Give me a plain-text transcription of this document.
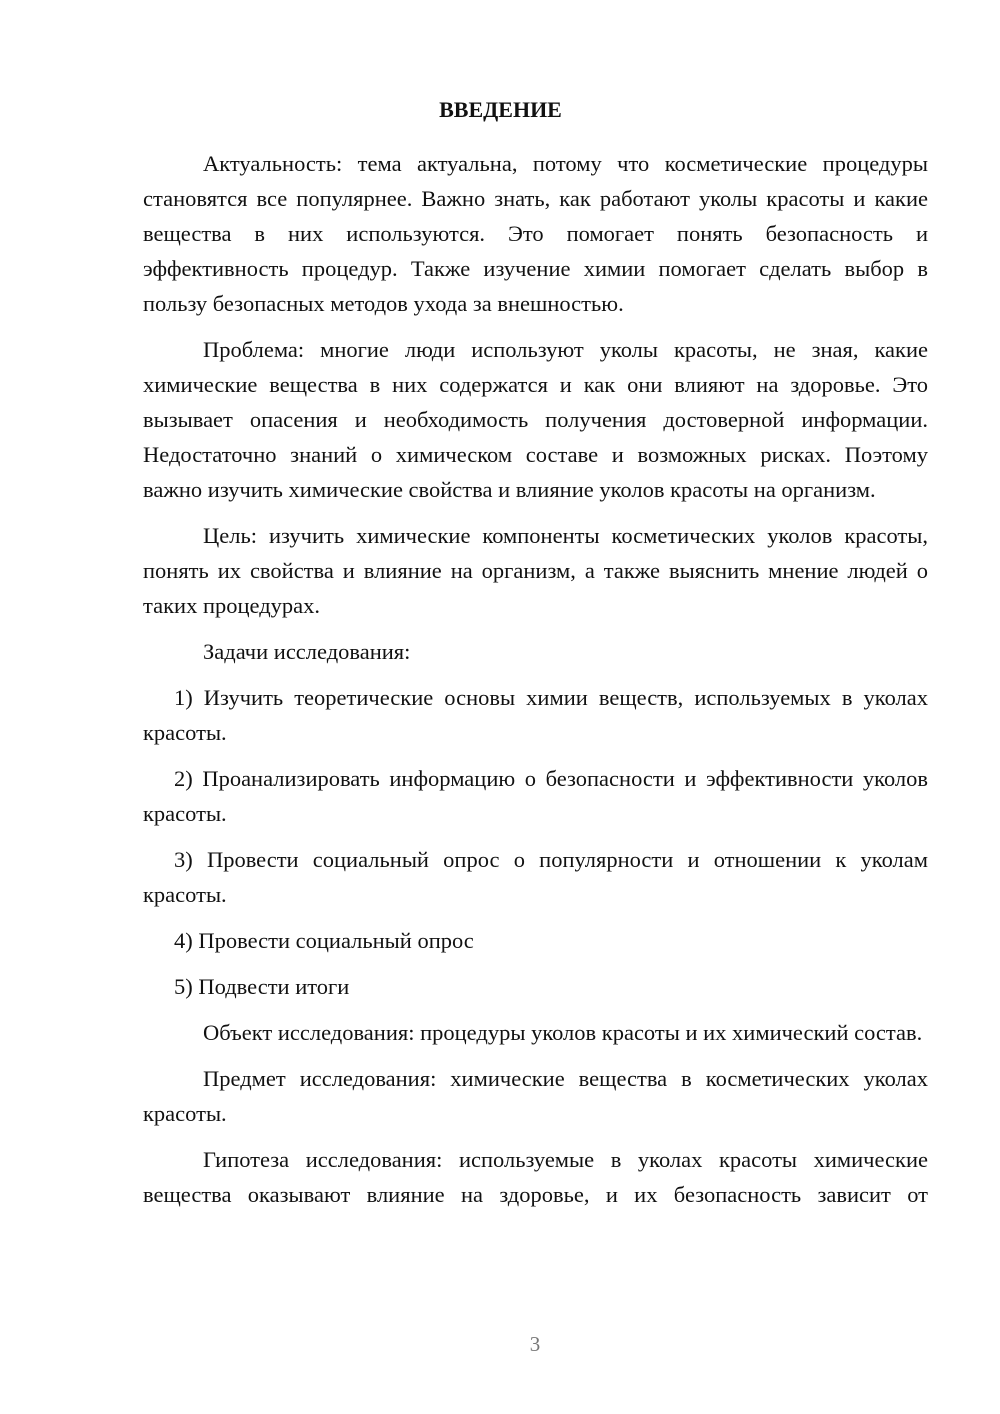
ВВЕДЕНИЕ

Актуальность: тема актуальна, потому что косметические процедуры становятся все популярнее. Важно знать, как работают уколы красоты и какие вещества в них используются. Это помогает понять безопасность и эффективность процедур. Также изучение химии помогает сделать выбор в пользу безопасных методов ухода за внешностью.

Проблема: многие люди используют уколы красоты, не зная, какие химические вещества в них содержатся и как они влияют на здоровье. Это вызывает опасения и необходимость получения достоверной информации. Недостаточно знаний о химическом составе и возможных рисках. Поэтому важно изучить химические свойства и влияние уколов красоты на организм.

Цель: изучить химические компоненты косметических уколов красоты, понять их свойства и влияние на организм, а также выяснить мнение людей о таких процедурах.

Задачи исследования:

1) Изучить теоретические основы химии веществ, используемых в уколах красоты.

2) Проанализировать информацию о безопасности и эффективности уколов красоты.

3) Провести социальный опрос о популярности и отношении к уколам красоты.

4) Провести социальный опрос

5) Подвести итоги

Объект исследования: процедуры уколов красоты и их химический состав.

Предмет исследования: химические вещества в косметических уколах красоты.

Гипотеза исследования: используемые в уколах красоты химические вещества оказывают влияние на здоровье, и их безопасность зависит от

3
